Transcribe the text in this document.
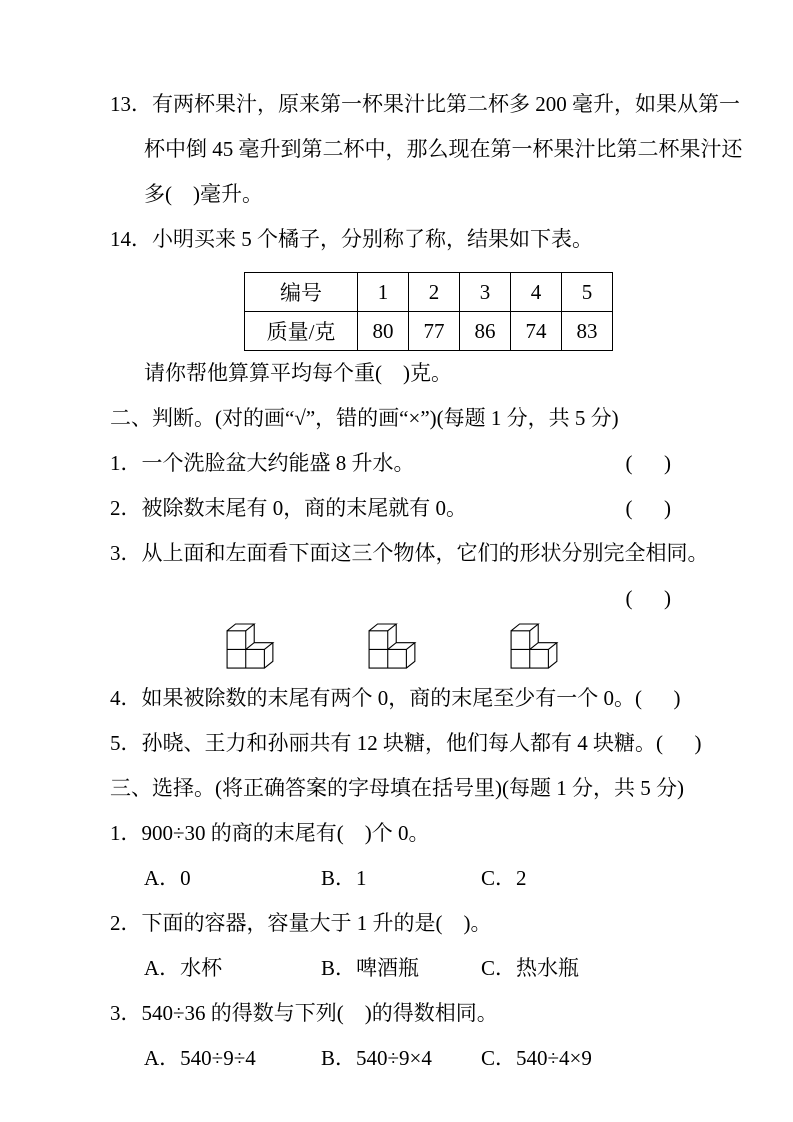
13．有两杯果汁，原来第一杯果汁比第二杯多 200 毫升，如果从第一
杯中倒 45 毫升到第二杯中，那么现在第一杯果汁比第二杯果汁还
多(    )毫升。
14．小明买来 5 个橘子，分别称了称，结果如下表。
编号	1	2	3	4	5
质量/克	80	77	86	74	83
请你帮他算算平均每个重(    )克。
二、判断。(对的画“√”，错的画“×”)(每题 1 分，共 5 分)
1．一个洗脸盆大约能盛 8 升水。	(      )
2．被除数末尾有 0，商的末尾就有 0。	(      )
3．从上面和左面看下面这三个物体，它们的形状分别完全相同。
(      )
4．如果被除数的末尾有两个 0，商的末尾至少有一个 0。 (      )
5．孙晓、王力和孙丽共有 12 块糖，他们每人都有 4 块糖。 (      )
三、选择。(将正确答案的字母填在括号里)(每题 1 分，共 5 分)
1．900÷30 的商的末尾有(    )个 0。
A．0	B．1	C．2
2．下面的容器，容量大于 1 升的是(    )。
A．水杯	B．啤酒瓶	C．热水瓶
3．540÷36 的得数与下列(    )的得数相同。
A．540÷9÷4	B．540÷9×4	C．540÷4×9
